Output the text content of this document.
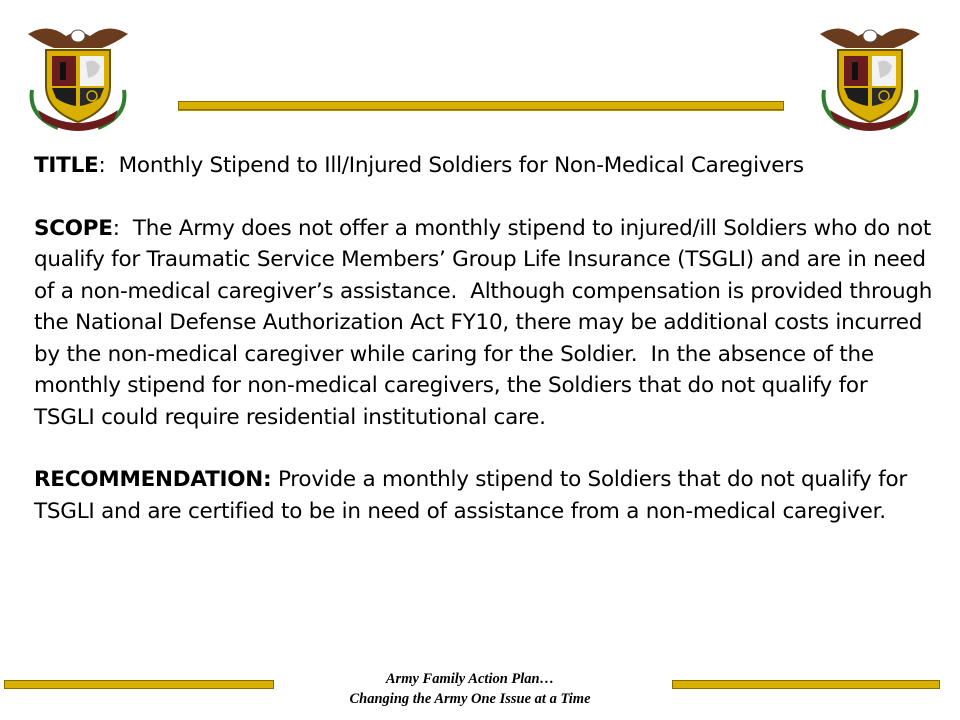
TITLE:  Monthly Stipend to Ill/Injured Soldiers for Non-Medical Caregivers

SCOPE:  The Army does not offer a monthly stipend to injured/ill Soldiers who do not qualify for Traumatic Service Members’ Group Life Insurance (TSGLI) and are in need of a non-medical caregiver’s assistance.  Although compensation is provided through the National Defense Authorization Act FY10, there may be additional costs incurred by the non-medical caregiver while caring for the Soldier.  In the absence of the monthly stipend for non-medical caregivers, the Soldiers that do not qualify for TSGLI could require residential institutional care.

RECOMMENDATION: Provide a monthly stipend to Soldiers that do not qualify for TSGLI and are certified to be in need of assistance from a non-medical caregiver.

Army Family Action Plan…
Changing the Army One Issue at a Time
